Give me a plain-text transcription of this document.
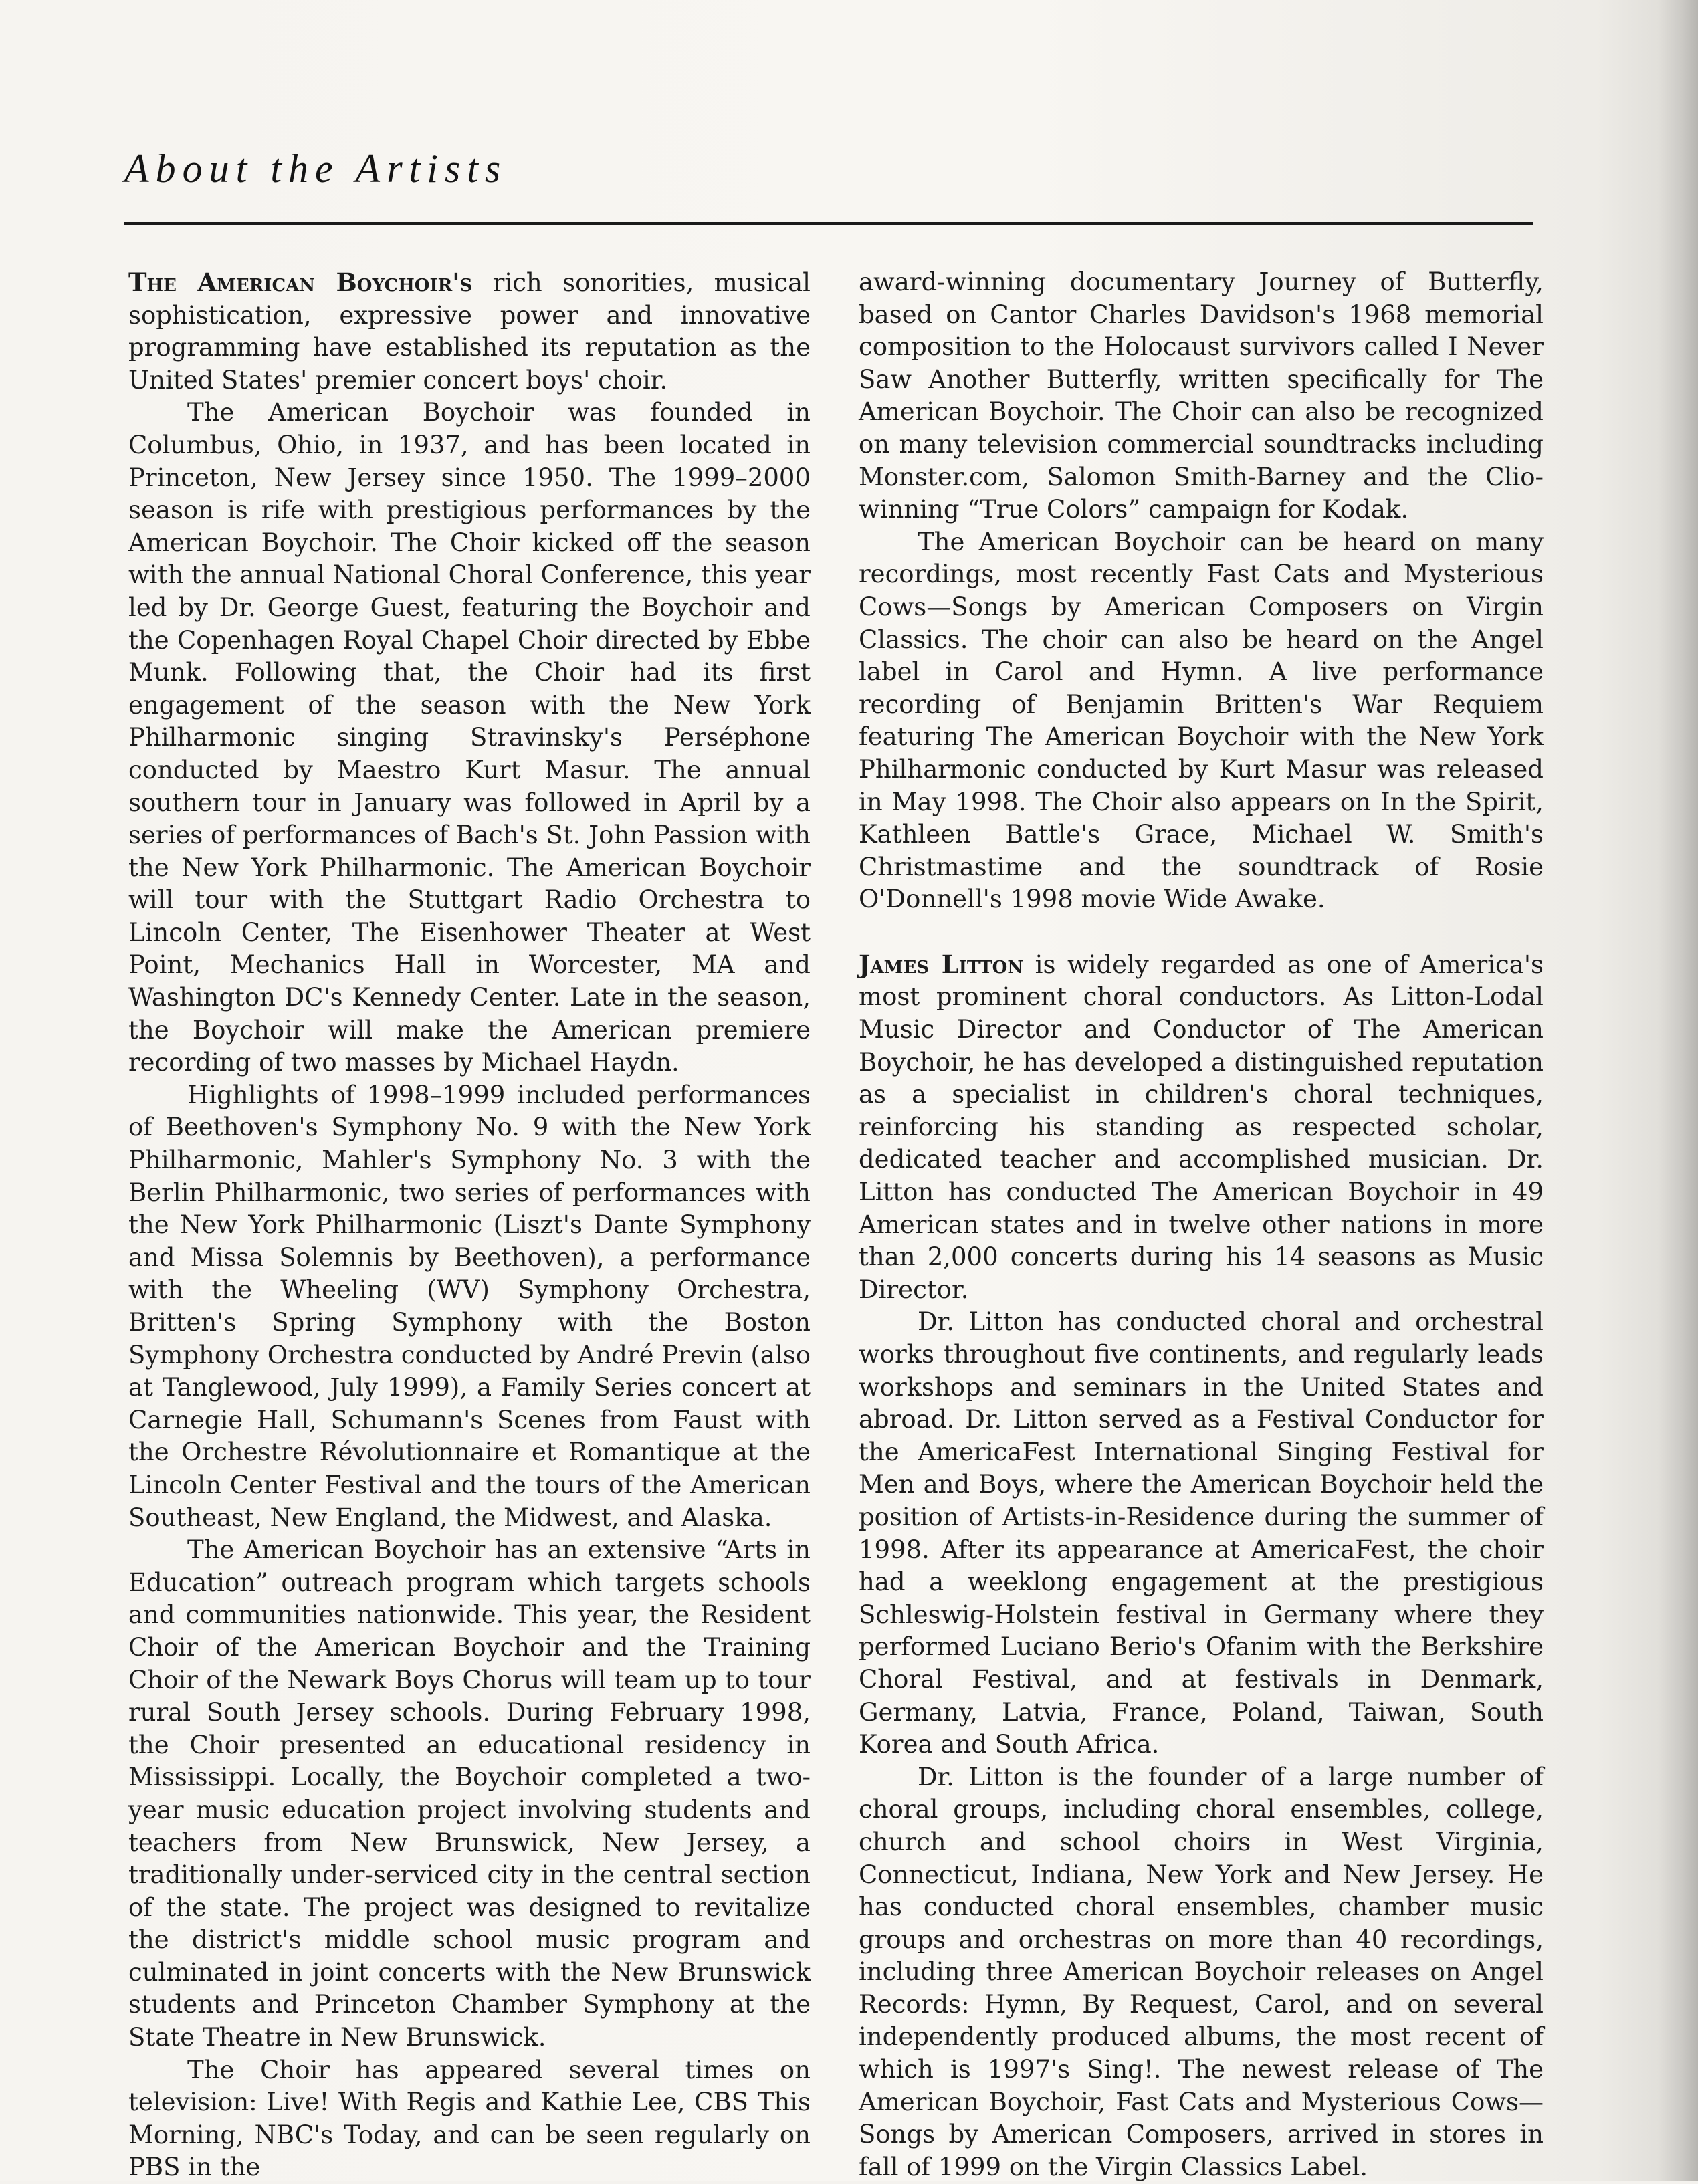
About the Artists

The American Boychoir's rich sonorities, musical sophistication, expressive power and innovative programming have established its reputation as the United States' premier concert boys' choir.

The American Boychoir was founded in Columbus, Ohio, in 1937, and has been located in Princeton, New Jersey since 1950. The 1999–2000 season is rife with prestigious performances by the American Boychoir. The Choir kicked off the season with the annual National Choral Conference, this year led by Dr. George Guest, featuring the Boychoir and the Copenhagen Royal Chapel Choir directed by Ebbe Munk. Following that, the Choir had its first engagement of the season with the New York Philharmonic singing Stravinsky's Perséphone conducted by Maestro Kurt Masur. The annual southern tour in January was followed in April by a series of performances of Bach's St. John Passion with the New York Philharmonic. The American Boychoir will tour with the Stuttgart Radio Orchestra to Lincoln Center, The Eisenhower Theater at West Point, Mechanics Hall in Worcester, MA and Washington DC's Kennedy Center. Late in the season, the Boychoir will make the American premiere recording of two masses by Michael Haydn.

Highlights of 1998–1999 included performances of Beethoven's Symphony No. 9 with the New York Philharmonic, Mahler's Symphony No. 3 with the Berlin Philharmonic, two series of performances with the New York Philharmonic (Liszt's Dante Symphony and Missa Solemnis by Beethoven), a performance with the Wheeling (WV) Symphony Orchestra, Britten's Spring Symphony with the Boston Symphony Orchestra conducted by André Previn (also at Tanglewood, July 1999), a Family Series concert at Carnegie Hall, Schumann's Scenes from Faust with the Orchestre Révolutionnaire et Romantique at the Lincoln Center Festival and the tours of the American Southeast, New England, the Midwest, and Alaska.

The American Boychoir has an extensive “Arts in Education” outreach program which targets schools and communities nationwide. This year, the Resident Choir of the American Boychoir and the Training Choir of the Newark Boys Chorus will team up to tour rural South Jersey schools. During February 1998, the Choir presented an educational residency in Mississippi. Locally, the Boychoir completed a two-year music education project involving students and teachers from New Brunswick, New Jersey, a traditionally under-serviced city in the central section of the state. The project was designed to revitalize the district's middle school music program and culminated in joint concerts with the New Brunswick students and Princeton Chamber Symphony at the State Theatre in New Brunswick.

The Choir has appeared several times on television: Live! With Regis and Kathie Lee, CBS This Morning, NBC's Today, and can be seen regularly on PBS in the

award-winning documentary Journey of Butterfly, based on Cantor Charles Davidson's 1968 memorial composition to the Holocaust survivors called I Never Saw Another Butterfly, written specifically for The American Boychoir. The Choir can also be recognized on many television commercial soundtracks including Monster.com, Salomon Smith-Barney and the Clio-winning “True Colors” campaign for Kodak.

The American Boychoir can be heard on many recordings, most recently Fast Cats and Mysterious Cows—Songs by American Composers on Virgin Classics. The choir can also be heard on the Angel label in Carol and Hymn. A live performance recording of Benjamin Britten's War Requiem featuring The American Boychoir with the New York Philharmonic conducted by Kurt Masur was released in May 1998. The Choir also appears on In the Spirit, Kathleen Battle's Grace, Michael W. Smith's Christmastime and the soundtrack of Rosie O'Donnell's 1998 movie Wide Awake.

James Litton is widely regarded as one of America's most prominent choral conductors. As Litton-Lodal Music Director and Conductor of The American Boychoir, he has developed a distinguished reputation as a specialist in children's choral techniques, reinforcing his standing as respected scholar, dedicated teacher and accomplished musician. Dr. Litton has conducted The American Boychoir in 49 American states and in twelve other nations in more than 2,000 concerts during his 14 seasons as Music Director.

Dr. Litton has conducted choral and orchestral works throughout five continents, and regularly leads workshops and seminars in the United States and abroad. Dr. Litton served as a Festival Conductor for the AmericaFest International Singing Festival for Men and Boys, where the American Boychoir held the position of Artists-in-Residence during the summer of 1998. After its appearance at AmericaFest, the choir had a weeklong engagement at the prestigious Schleswig-Holstein festival in Germany where they performed Luciano Berio's Ofanim with the Berkshire Choral Festival, and at festivals in Denmark, Germany, Latvia, France, Poland, Taiwan, South Korea and South Africa.

Dr. Litton is the founder of a large number of choral groups, including choral ensembles, college, church and school choirs in West Virginia, Connecticut, Indiana, New York and New Jersey. He has conducted choral ensembles, chamber music groups and orchestras on more than 40 recordings, including three American Boychoir releases on Angel Records: Hymn, By Request, Carol, and on several independently produced albums, the most recent of which is 1997's Sing!. The newest release of The American Boychoir, Fast Cats and Mysterious Cows—Songs by American Composers, arrived in stores in fall of 1999 on the Virgin Classics Label.
